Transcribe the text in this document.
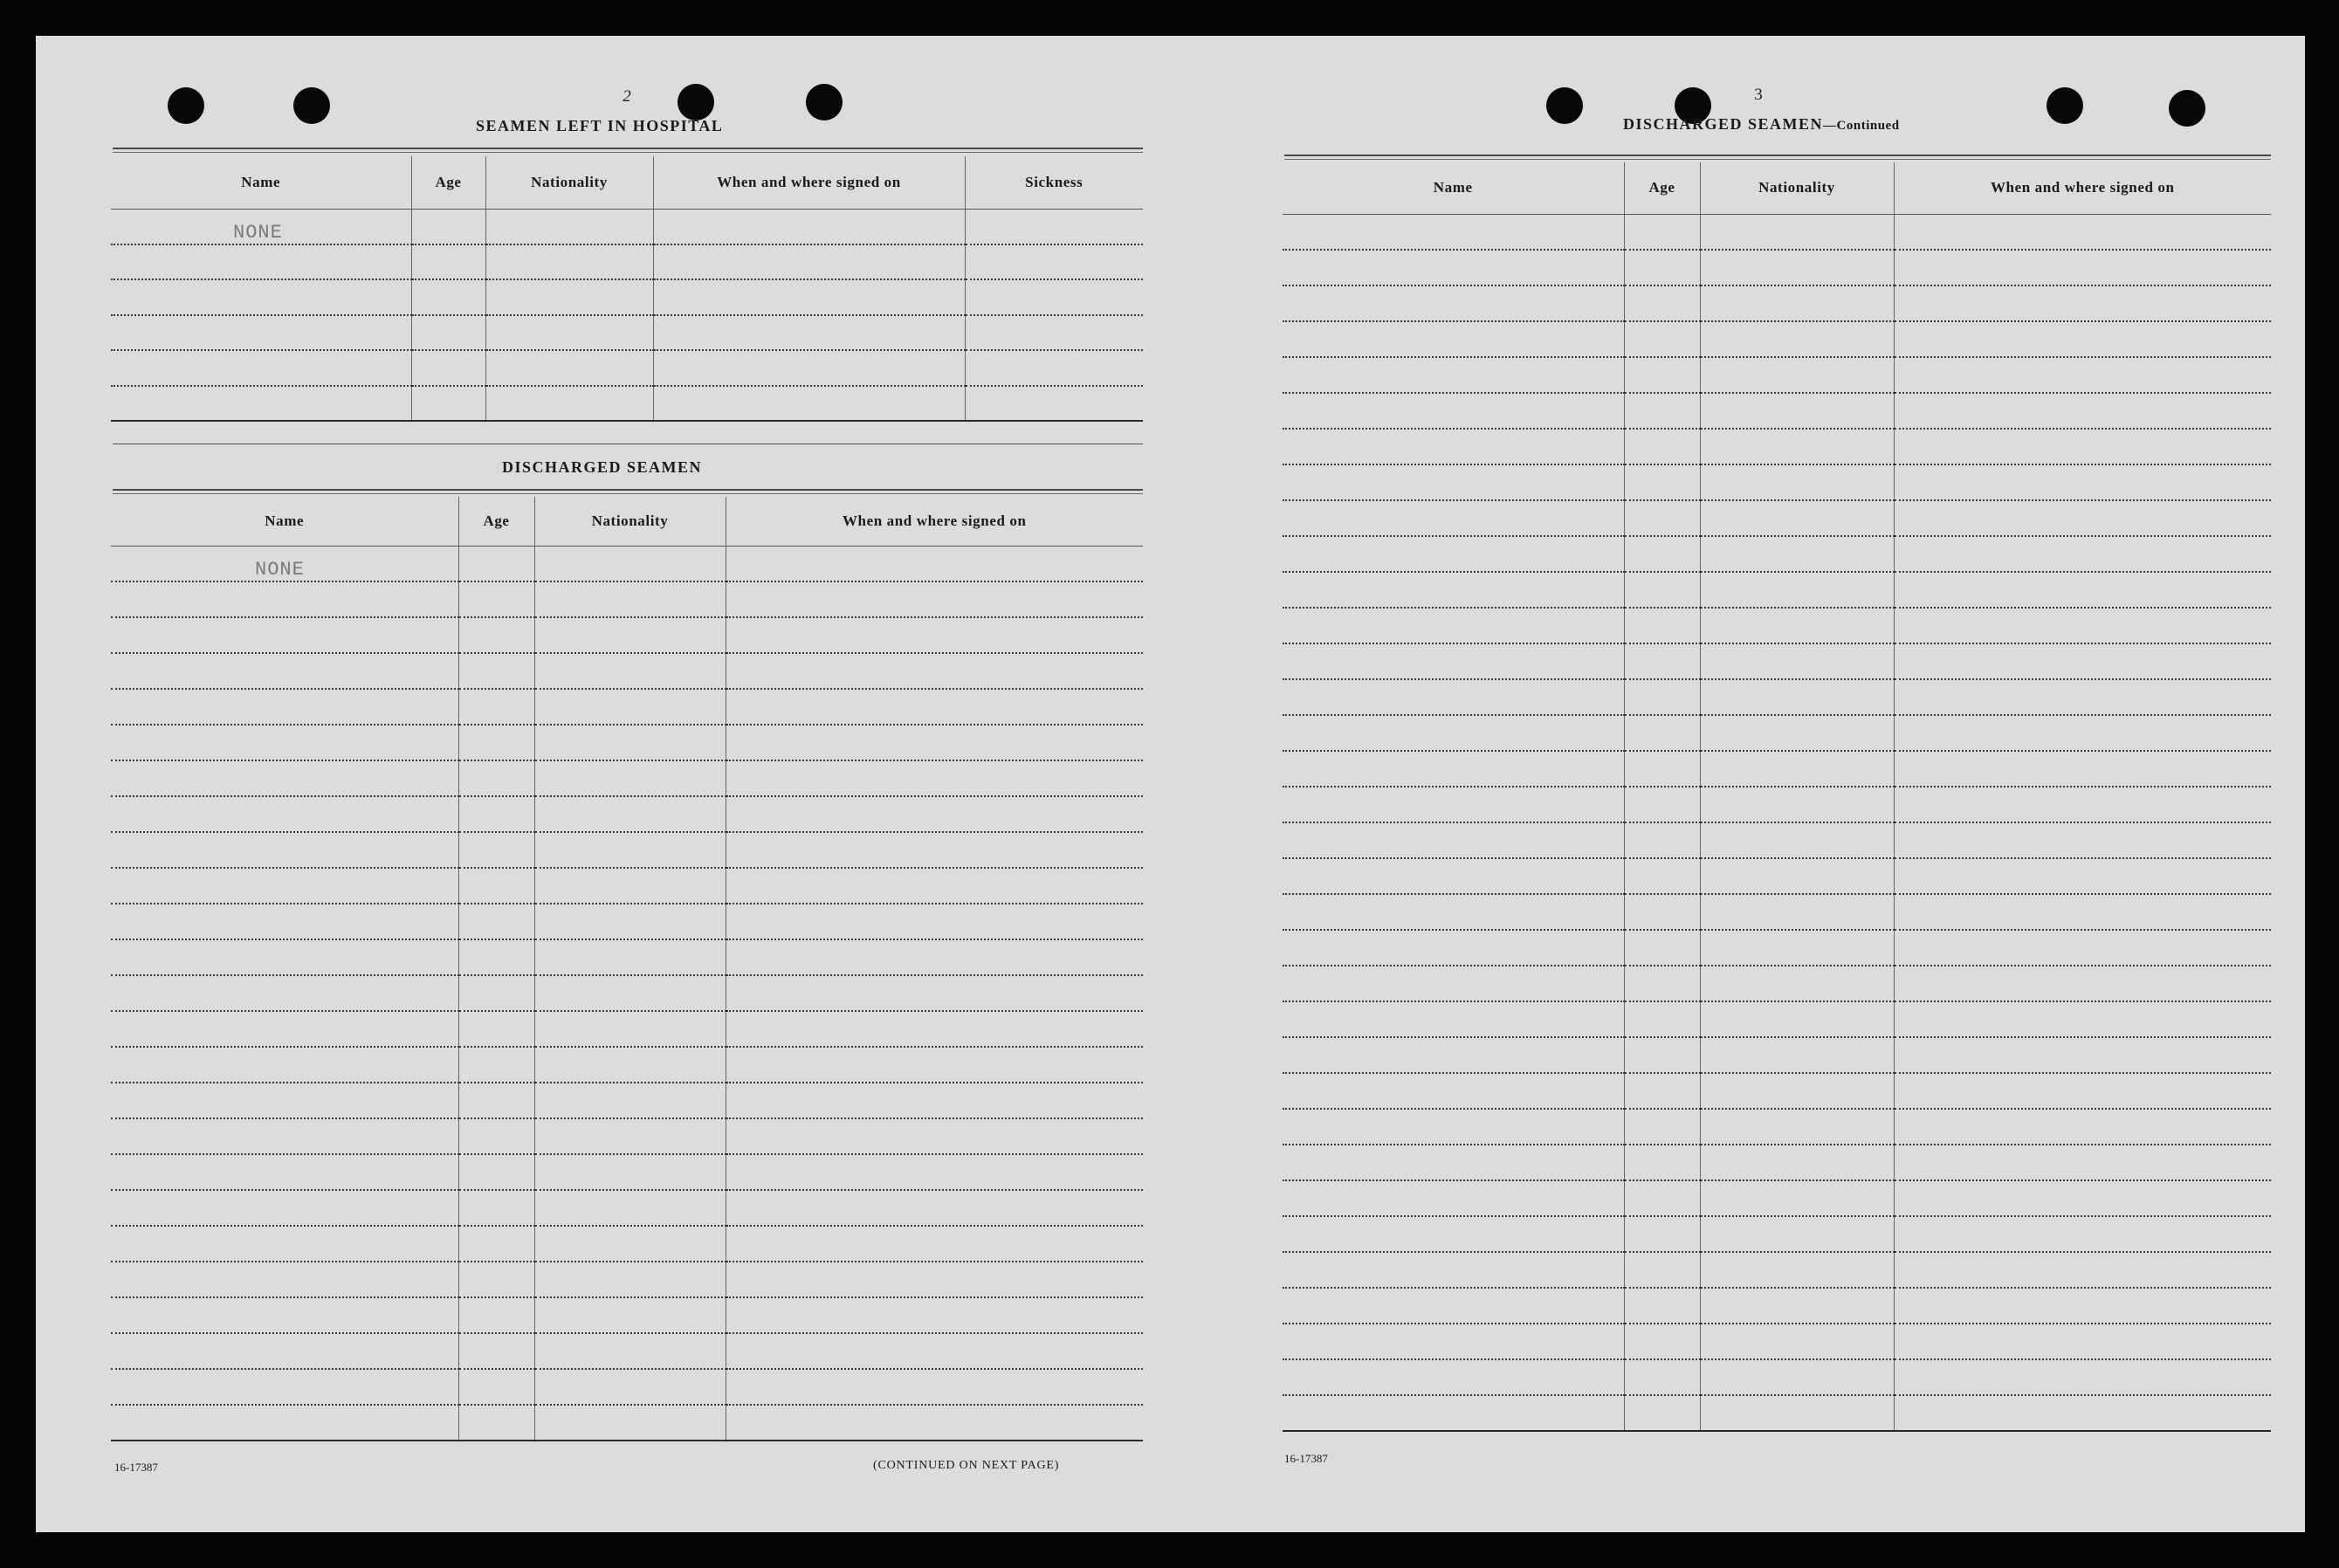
2
SEAMEN LEFT IN HOSPITAL
Name	Age	Nationality	When and where signed on	Sickness
NONE				

DISCHARGED SEAMEN
Name	Age	Nationality	When and where signed on
NONE			

16-17387	(CONTINUED ON NEXT PAGE)
3
DISCHARGED SEAMEN—Continued
Name	Age	Nationality	When and where signed on

16-17387
